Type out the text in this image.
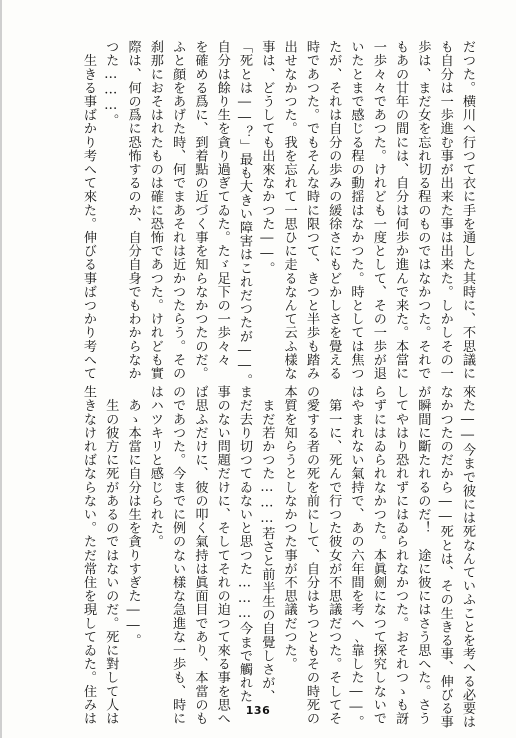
だつた。横川へ行つて衣に手を通した其時に、不思議に
も自分は一歩進む事が出来た事は出来た。しかしその一
歩は、まだ女を忘れ切る程のものではなかつた。それで
もあの廿年の間には、自分は何歩か進んで来た。本當に
一歩々々であつた。けれども一度として、その一歩が退
いたとまで感じる程の動揺はなかつた。時としては焦つ
たが、それは自分の歩みの緩徐さにもどかしさを覺える
時であつた。でもそんな時に限つて、きつと半歩も踏み
出せなかつた。我を忘れて一思ひに走るなんて云ふ樣な
事は、どうしても出來なかつた――。
「死とは――？」最も大きい障害はこれだつたが――。
自分は餘り生を貪り過ぎてゐた。たゞ足下の一歩々々
を確める爲に、到着點の近づく事を知らなかつたのだ。
ふと顔をあげた時、何でまあそれは近かつたらう。その
刹那におそはれたものは確に恐怖であつた。けれども實
際は、何の爲に恐怖するのか、自分自身でもわからなか
つた………。
　生きる事ばかり考へて來た。伸びる事ばつかり考へて
來た――今まで彼には死なんていふことを考へる必要は
なかつたのだから――死とは、その生きる事、伸びる事
が瞬間に斷たれるのだ！　途に彼にはさう思へた。さう
してやはり恐れずにはゐられなかつた。おそれつゝも訝
らずにはゐられなかつた。本眞劍になつて探究しないで
はやまれない氣持で、あの六年間を考へ､靠した――。
　第一に、死んで行つた彼女が不思議だつた。そしてそ
の愛する者の死を前にして、自分はちつともその時死の
本質を知らうとしなかつた事が不思議だつた。
　まだ若かつた………若さと前半生の自覺しさが、
まだ去り切つてゐないと思つた………今まで觸れた
事のない問題だけに、そしてそれの迫つて來る事を思へ
ば思ふだけに、彼の叩く氣持は眞面目であり、本當のも
のであつた。今までに例のない樣な急進な一歩も、時に
はハツキリと感じられた。
　あゝ本當に自分は生を貪りすぎた――。
　生の彼方に死があるのではないのだ。死に對して人は
生きなければならない。ただ常住を現してゐた。住みは	136
